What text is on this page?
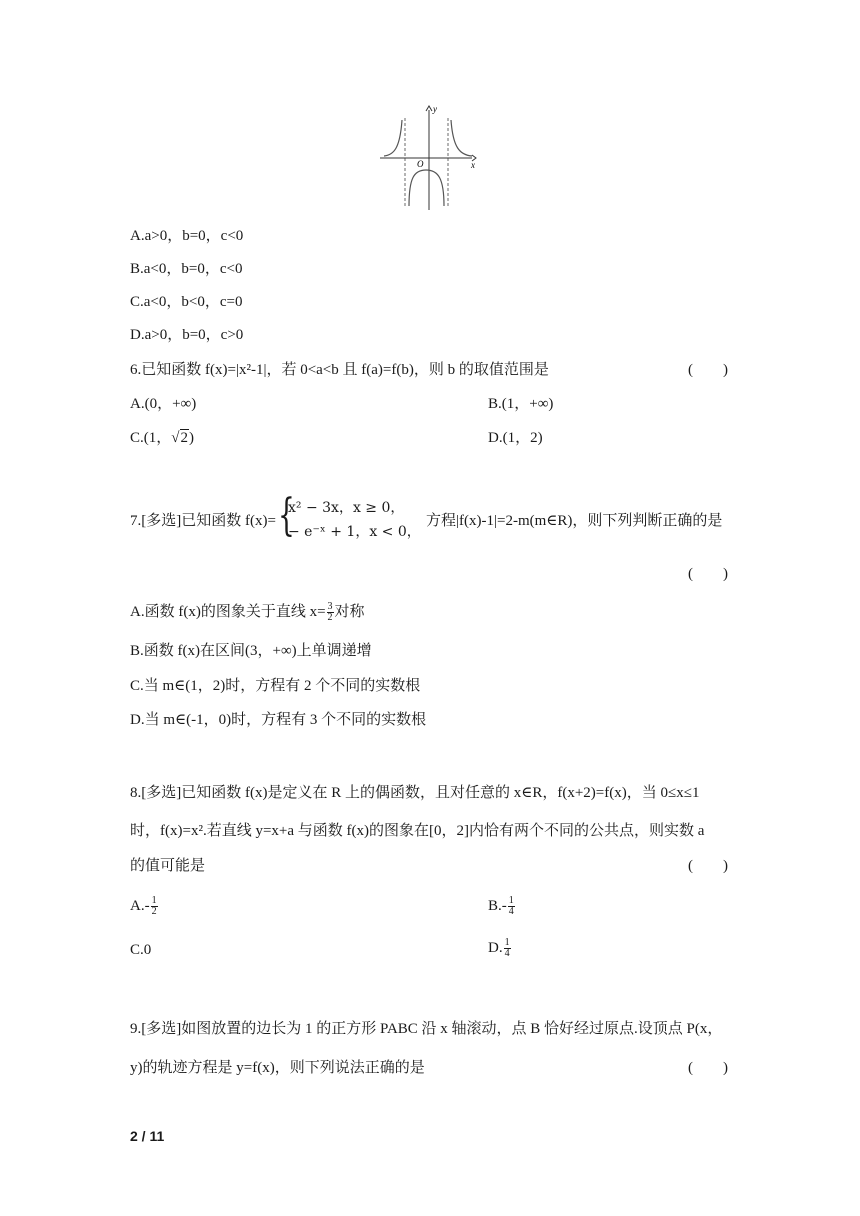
y
x
O
A.a>0，b=0，c<0
B.a<0，b=0，c<0
C.a<0，b<0，c=0
D.a>0，b=0，c>0
6.已知函数 f(x)=|x²-1|，若 0<a<b 且 f(a)=f(b)，则 b 的取值范围是	(　　)
A.(0，+∞)	B.(1，+∞)
C.(1，√2)	D.(1，2)
7.[多选]已知函数 f(x)= {
x² − 3x，x ≥ 0，
− e⁻ˣ + 1，x < 0，
方程|f(x)-1|=2-m(m∈R)，则下列判断正确的是
(　　)
A.函数 f(x)的图象关于直线 $x= \frac{3}{2}$ 对称
B.函数 f(x)在区间(3，+∞)上单调递增
C.当 m∈(1，2)时，方程有 2 个不同的实数根
D.当 m∈(-1，0)时，方程有 3 个不同的实数根
8.[多选]已知函数 f(x)是定义在 R 上的偶函数，且对任意的 x∈R，f(x+2)=f(x)，当 0≤x≤1
时，f(x)=x².若直线 y=x+a 与函数 f(x)的图象在[0，2]内恰有两个不同的公共点，则实数 a
的值可能是	(　　)
$A.- \frac{1}{2}$	$B.- \frac{1}{4}$
C.0	D. $\frac{1}{4}$
9.[多选]如图放置的边长为 1 的正方形 PABC 沿 x 轴滚动，点 B 恰好经过原点.设顶点 P(x，
y)的轨迹方程是 y=f(x)，则下列说法正确的是	(　　)
2 / 11
